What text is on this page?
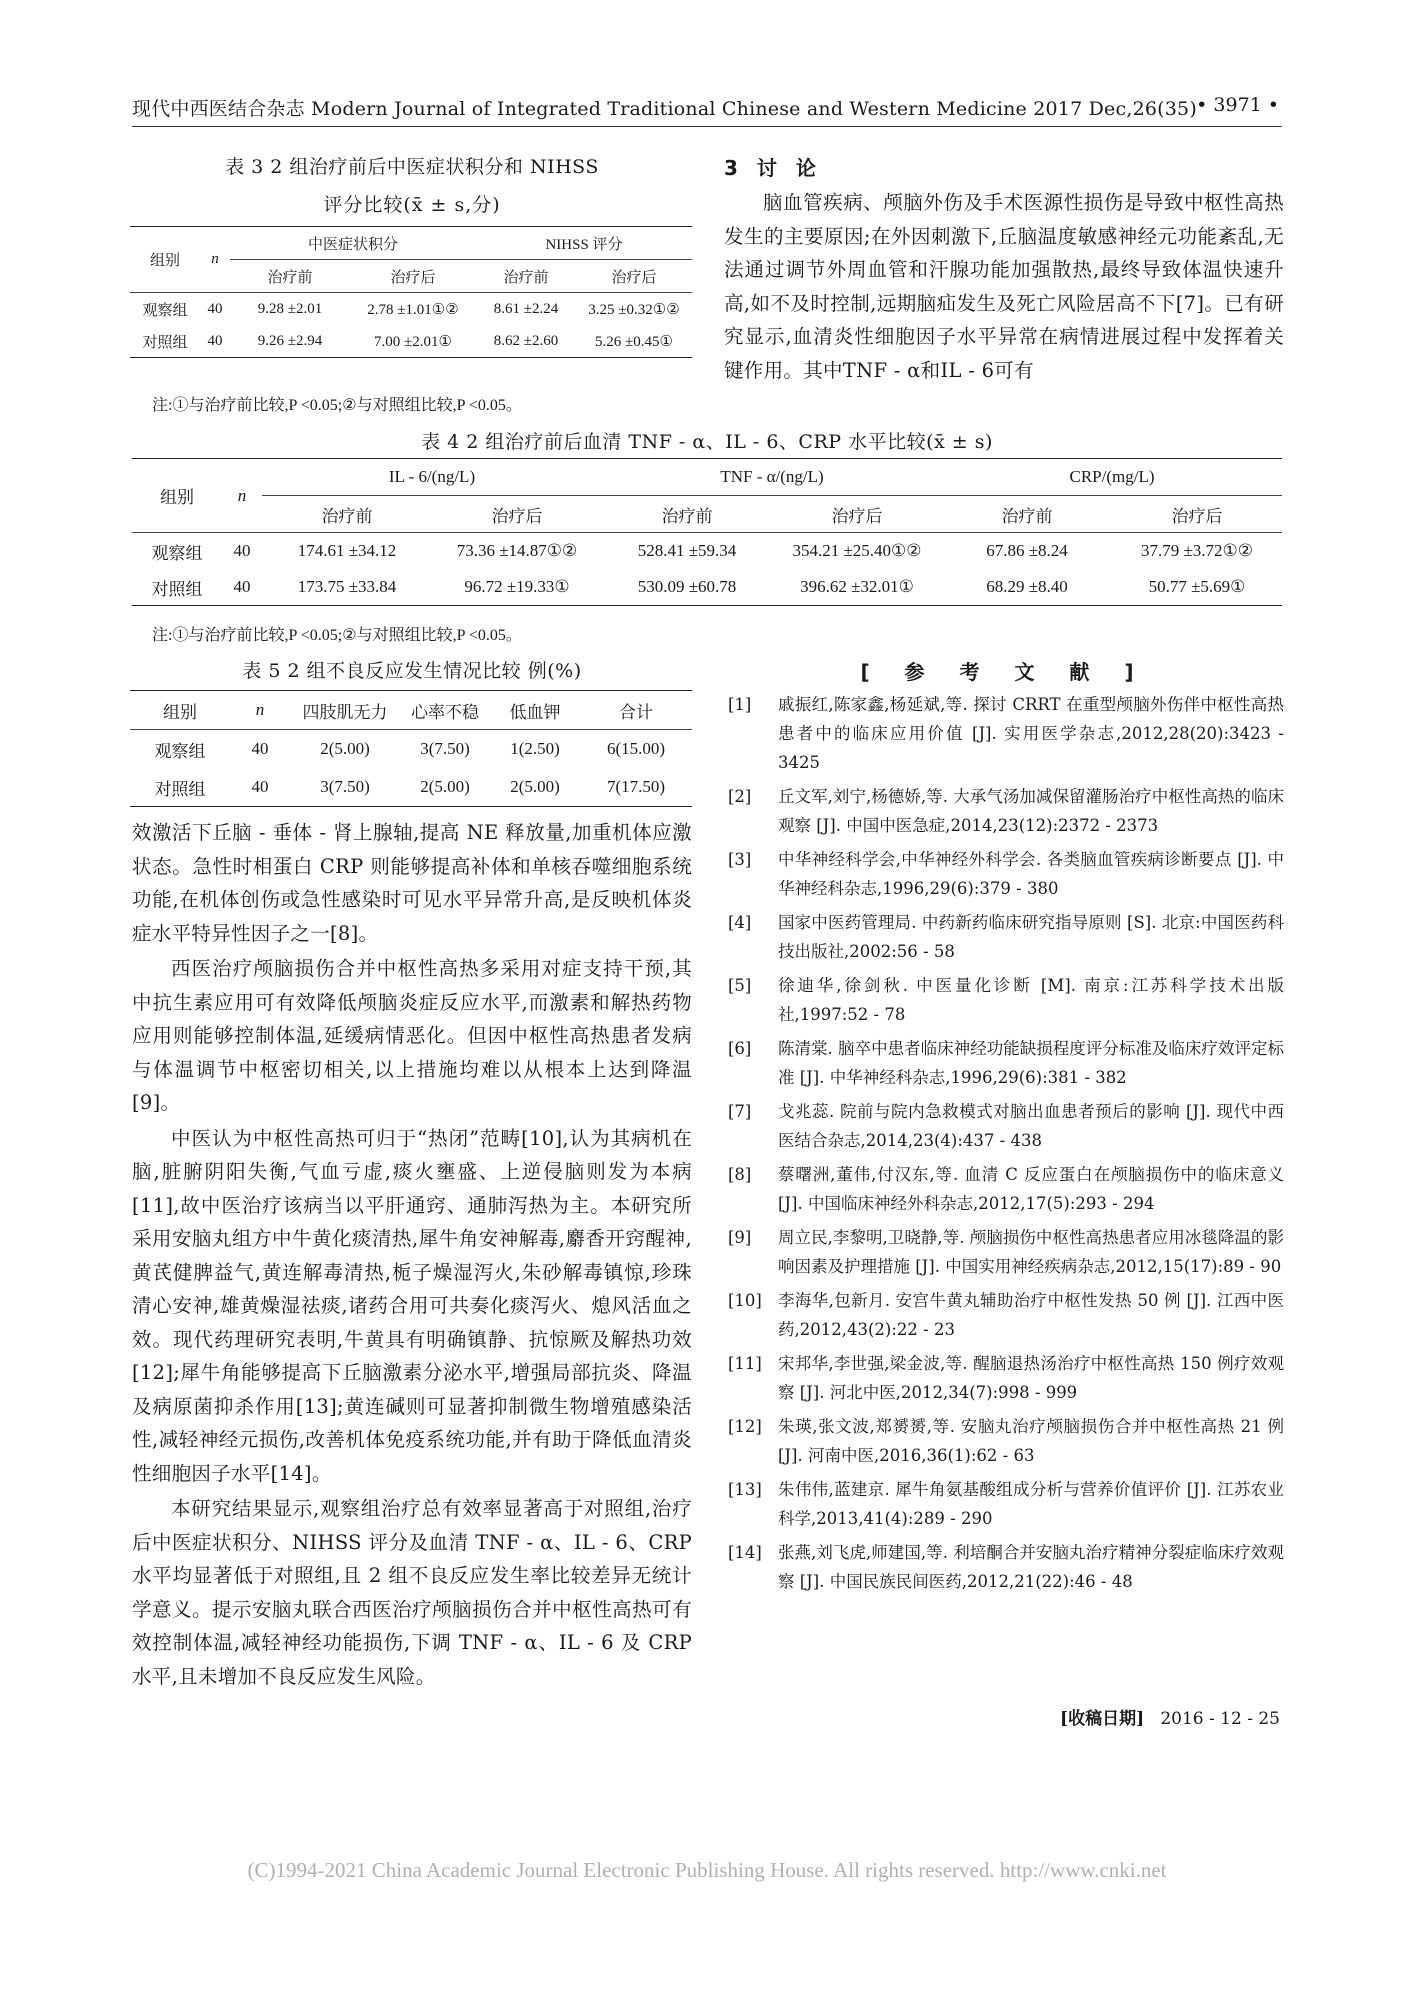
现代中西医结合杂志 Modern Journal of Integrated Traditional Chinese and Western Medicine 2017 Dec,26(35) • 3971 •
表 3 2 组治疗前后中医症状积分和 NIHSS
评分比较(x̄ ± s,分)
组别	n	中医症状积分		NIHSS 评分	
		治疗前	治疗后	治疗前	治疗后
观察组	40	9.28 ±2.01	2.78 ±1.01①②	8.61 ±2.24	3.25 ±0.32①②
对照组	40	9.26 ±2.94	7.00 ±2.01①	8.62 ±2.60	5.26 ±0.45①
注:①与治疗前比较,P <0.05;②与对照组比较,P <0.05。
3 讨 论

脑血管疾病、颅脑外伤及手术医源性损伤是导致中枢性高热发生的主要原因;在外因刺激下,丘脑温度敏感神经元功能紊乱,无法通过调节外周血管和汗腺功能加强散热,最终导致体温快速升高,如不及时控制,远期脑疝发生及死亡风险居高不下[7]。已有研究显示,血清炎性细胞因子水平异常在病情进展过程中发挥着关键作用。其中TNF - α和IL - 6可有

表 4 2 组治疗前后血清 TNF - α、IL - 6、CRP 水平比较(x̄ ± s)
组别	n	IL - 6/(ng/L)		TNF - α/(ng/L)		CRP/(mg/L)	
		治疗前	治疗后	治疗前	治疗后	治疗前	治疗后
观察组	40	174.61 ±34.12	73.36 ±14.87①②	528.41 ±59.34	354.21 ±25.40①②	67.86 ±8.24	37.79 ±3.72①②
对照组	40	173.75 ±33.84	96.72 ±19.33①	530.09 ±60.78	396.62 ±32.01①	68.29 ±8.40	50.77 ±5.69①
注:①与治疗前比较,P <0.05;②与对照组比较,P <0.05。
表 5 2 组不良反应发生情况比较 例(%)
组别	n	四肢肌无力	心率不稳	低血钾	合计
观察组	40	2(5.00)	3(7.50)	1(2.50)	6(15.00)
对照组	40	3(7.50)	2(5.00)	2(5.00)	7(17.50)

效激活下丘脑 - 垂体 - 肾上腺轴,提高 NE 释放量,加重机体应激状态。急性时相蛋白 CRP 则能够提高补体和单核吞噬细胞系统功能,在机体创伤或急性感染时可见水平异常升高,是反映机体炎症水平特异性因子之一[8]。

西医治疗颅脑损伤合并中枢性高热多采用对症支持干预,其中抗生素应用可有效降低颅脑炎症反应水平,而激素和解热药物应用则能够控制体温,延缓病情恶化。但因中枢性高热患者发病与体温调节中枢密切相关,以上措施均难以从根本上达到降温[9]。

中医认为中枢性高热可归于“热闭”范畴[10],认为其病机在脑,脏腑阴阳失衡,气血亏虚,痰火壅盛、上逆侵脑则发为本病[11],故中医治疗该病当以平肝通窍、通肺泻热为主。本研究所采用安脑丸组方中牛黄化痰清热,犀牛角安神解毒,麝香开窍醒神,黄芪健脾益气,黄连解毒清热,栀子燥湿泻火,朱砂解毒镇惊,珍珠清心安神,雄黄燥湿祛痰,诸药合用可共奏化痰泻火、熄风活血之效。现代药理研究表明,牛黄具有明确镇静、抗惊厥及解热功效[12];犀牛角能够提高下丘脑激素分泌水平,增强局部抗炎、降温及病原菌抑杀作用[13];黄连碱则可显著抑制微生物增殖感染活性,减轻神经元损伤,改善机体免疫系统功能,并有助于降低血清炎性细胞因子水平[14]。

本研究结果显示,观察组治疗总有效率显著高于对照组,治疗后中医症状积分、NIHSS 评分及血清 TNF - α、IL - 6、CRP 水平均显著低于对照组,且 2 组不良反应发生率比较差异无统计学意义。提示安脑丸联合西医治疗颅脑损伤合并中枢性高热可有效控制体温,减轻神经功能损伤,下调 TNF - α、IL - 6 及 CRP 水平,且未增加不良反应发生风险。

[ 参 考 文 献 ]
[1] 戚振红,陈家鑫,杨延斌,等. 探讨 CRRT 在重型颅脑外伤伴中枢性高热患者中的临床应用价值 [J]. 实用医学杂志,2012,28(20):3423 - 3425
[2] 丘文军,刘宁,杨德娇,等. 大承气汤加减保留灌肠治疗中枢性高热的临床观察 [J]. 中国中医急症,2014,23(12):2372 - 2373
[3] 中华神经科学会,中华神经外科学会. 各类脑血管疾病诊断要点 [J]. 中华神经科杂志,1996,29(6):379 - 380
[4] 国家中医药管理局. 中药新药临床研究指导原则 [S]. 北京:中国医药科技出版社,2002:56 - 58
[5] 徐迪华,徐剑秋. 中医量化诊断 [M]. 南京:江苏科学技术出版社,1997:52 - 78
[6] 陈清棠. 脑卒中患者临床神经功能缺损程度评分标准及临床疗效评定标准 [J]. 中华神经科杂志,1996,29(6):381 - 382
[7] 戈兆蕊. 院前与院内急救模式对脑出血患者预后的影响 [J]. 现代中西医结合杂志,2014,23(4):437 - 438
[8] 蔡曙洲,董伟,付汉东,等. 血清 C 反应蛋白在颅脑损伤中的临床意义 [J]. 中国临床神经外科杂志,2012,17(5):293 - 294
[9] 周立民,李黎明,卫晓静,等. 颅脑损伤中枢性高热患者应用冰毯降温的影响因素及护理措施 [J]. 中国实用神经疾病杂志,2012,15(17):89 - 90
[10] 李海华,包新月. 安宫牛黄丸辅助治疗中枢性发热 50 例 [J]. 江西中医药,2012,43(2):22 - 23
[11] 宋邦华,李世强,梁金波,等. 醒脑退热汤治疗中枢性高热 150 例疗效观察 [J]. 河北中医,2012,34(7):998 - 999
[12] 朱瑛,张文波,郑赟赟,等. 安脑丸治疗颅脑损伤合并中枢性高热 21 例 [J]. 河南中医,2016,36(1):62 - 63
[13] 朱伟伟,蓝建京. 犀牛角氨基酸组成分析与营养价值评价 [J]. 江苏农业科学,2013,41(4):289 - 290
[14] 张燕,刘飞虎,师建国,等. 利培酮合并安脑丸治疗精神分裂症临床疗效观察 [J]. 中国民族民间医药,2012,21(22):46 - 48
[收稿日期] 2016 - 12 - 25
(C)1994-2021 China Academic Journal Electronic Publishing House. All rights reserved. http://www.cnki.net
